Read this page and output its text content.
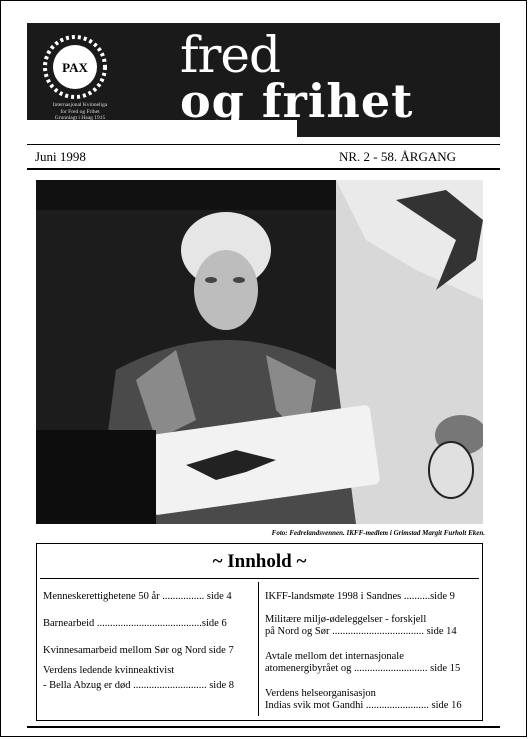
PAX
Internasjonal Kvinneliga
for Fred og Frihet
Grunnlagt i Haag 1915
fred
og frihet
Juni 1998	NR. 2 - 58. ÅRGANG
Foto: Fedrelandsvennen. IKFF-medlem i Grimstad Margit Furholt Eken.
~ Innhold ~
Menneskerettighetene 50 år ................ side 4
Barnearbeid ........................................side 6
Kvinnesamarbeid mellom Sør og Nord side 7
Verdens ledende kvinneaktivist
- Bella Abzug er død ............................ side 8
IKFF-landsmøte 1998 i Sandnes ..........side 9
Militære miljø-ødeleggelser - forskjell
på Nord og Sør ................................... side 14
Avtale mellom det internasjonale
atomenergibyrået og ............................ side 15
Verdens helseorganisasjon
Indias svik mot Gandhi ........................ side 16
